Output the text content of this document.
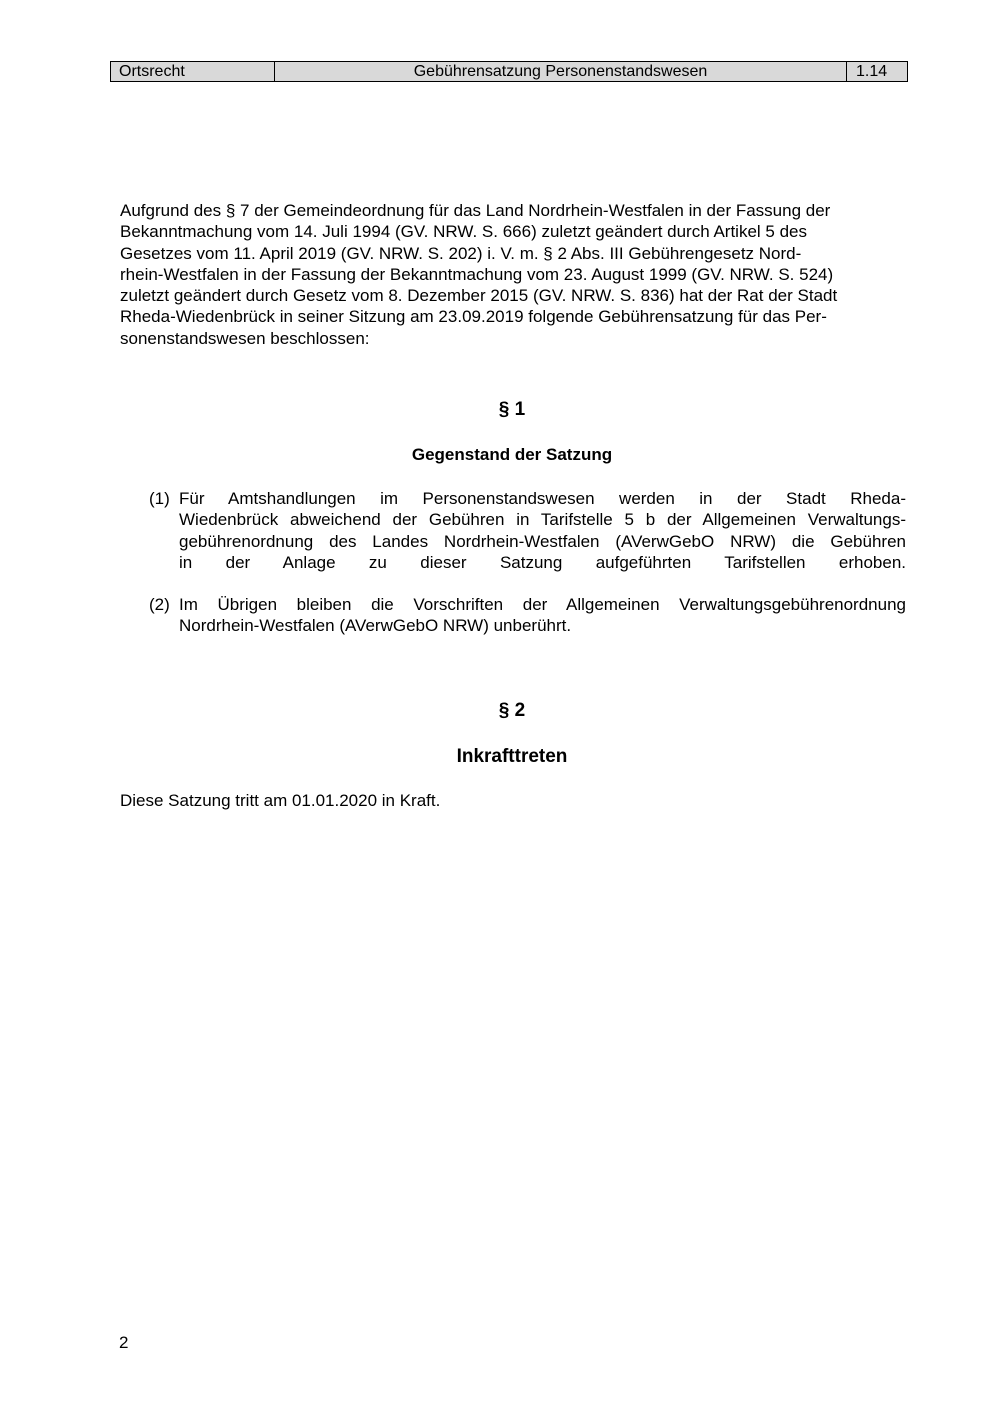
Ortsrecht	Gebührensatzung Personenstandswesen	1.14

Aufgrund des § 7 der Gemeindeordnung für das Land Nordrhein-Westfalen in der Fassung der
Bekanntmachung vom 14. Juli 1994 (GV. NRW. S. 666) zuletzt geändert durch Artikel 5 des
Gesetzes vom 11. April 2019 (GV. NRW. S. 202) i. V. m. § 2 Abs. III Gebührengesetz Nord-
rhein-Westfalen in der Fassung der Bekanntmachung vom 23. August 1999 (GV. NRW. S. 524)
zuletzt geändert durch Gesetz vom 8. Dezember 2015 (GV. NRW. S. 836) hat der Rat der Stadt
Rheda-Wiedenbrück in seiner Sitzung am 23.09.2019 folgende Gebührensatzung für das Per-
sonenstandswesen beschlossen:

§ 1

Gegenstand der Satzung

(1) Für Amtshandlungen im Personenstandswesen werden in der Stadt Rheda-
Wiedenbrück abweichend der Gebühren in Tarifstelle 5 b der Allgemeinen Verwaltungs-
gebührenordnung des Landes Nordrhein-Westfalen (AVerwGebO NRW) die Gebühren
in der Anlage zu dieser Satzung aufgeführten Tarifstellen erhoben.
(2) Im Übrigen bleiben die Vorschriften der Allgemeinen Verwaltungsgebührenordnung
Nordrhein-Westfalen (AVerwGebO NRW) unberührt.

§ 2

Inkrafttreten

Diese Satzung tritt am 01.01.2020 in Kraft.

2
